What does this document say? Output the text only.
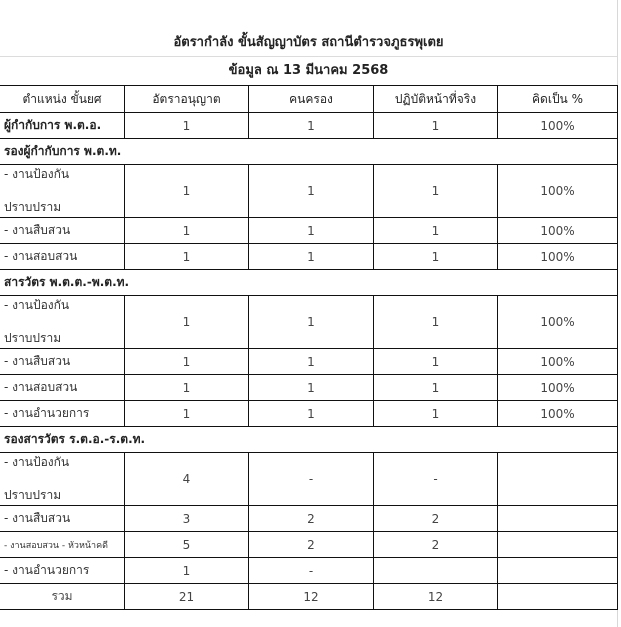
อัตรากำลัง ขั้นสัญญาบัตร สถานีตำรวจภูธรพุเตย
ข้อมูล ณ 13 มีนาคม 2568
ตำแหน่ง ขั้นยศ	อัตราอนุญาต	คนครอง	ปฏิบัติหน้าที่จริง	คิดเป็น %
ผู้กำกับการ พ.ต.อ.	1	1	1	100%
รองผู้กำกับการ พ.ต.ท.				
- งานป้องกัน
ปราบปราม	1	1	1	100%
- งานสืบสวน	1	1	1	100%
- งานสอบสวน	1	1	1	100%
สารวัตร พ.ต.ต.-พ.ต.ท.				
- งานป้องกัน
ปราบปราม	1	1	1	100%
- งานสืบสวน	1	1	1	100%
- งานสอบสวน	1	1	1	100%
- งานอำนวยการ	1	1	1	100%
รองสารวัตร ร.ต.อ.-ร.ต.ท.				
- งานป้องกัน
ปราบปราม	4	-	-	
- งานสืบสวน	3	2	2	
- งานสอบสวน - หัวหน้าคดี	5	2	2	
- งานอำนวยการ	1	-		
รวม	21	12	12	
